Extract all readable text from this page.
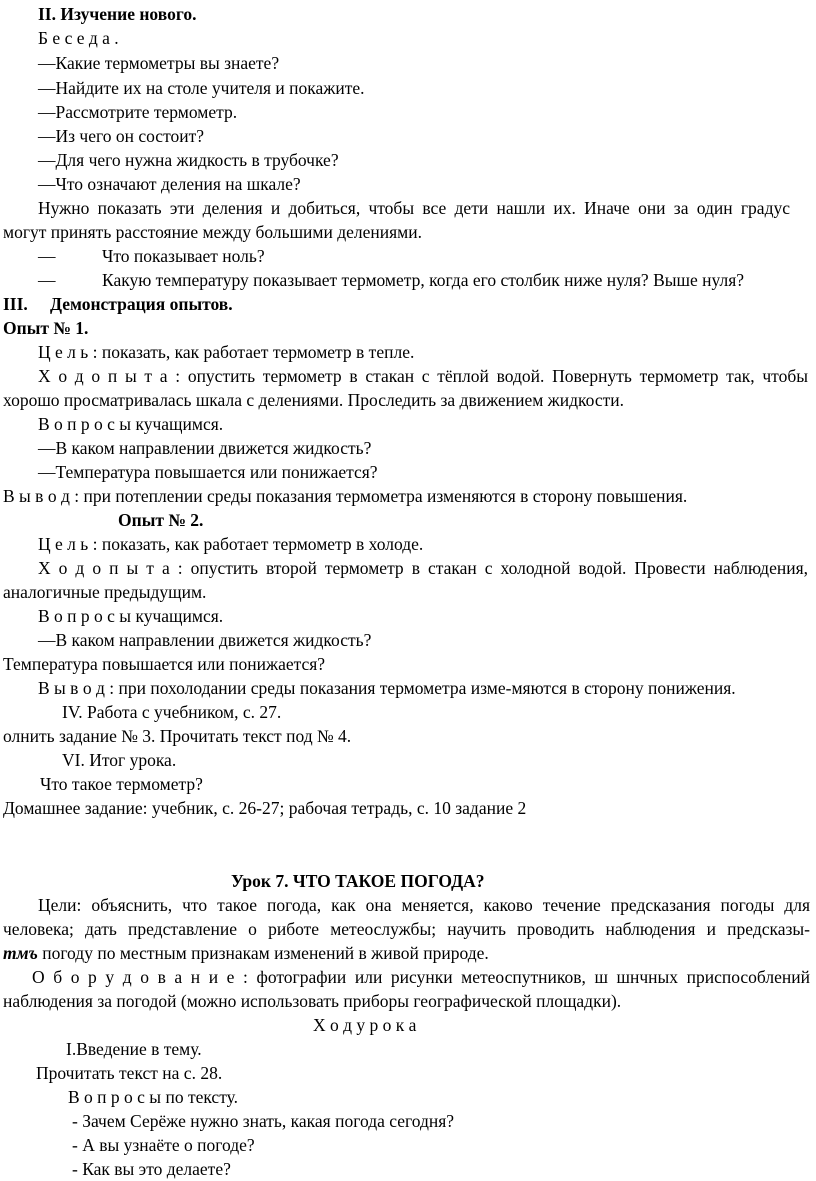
II. Изучение нового.
Б е с е д а .
—Какие термометры вы знаете?
—Найдите их на столе учителя и покажите.
—Рассмотрите термометр.
—Из чего он состоит?
—Для чего нужна жидкость в трубочке?
—Что означают деления на шкале?
Нужно показать эти деления и добиться, чтобы все дети нашли их. Иначе они за один градус
могут принять расстояние между большими делениями.
—	Что показывает ноль?
—	Какую температуру показывает термометр, когда его столбик ниже нуля? Выше нуля?
III. Демонстрация опытов.
Опыт № 1.
Ц е л ь : показать, как работает термометр в тепле.
Х о д о п ы т а : опустить термометр в стакан с тёплой водой. Повернуть термометр так, чтобы
хорошо просматривалась шкала с делениями. Проследить за движением жидкости.
В о п р о с ы кучащимся.
—В каком направлении движется жидкость?
—Температура повышается или понижается?
В ы в о д : при потеплении среды показания термометра изменяются в сторону повышения.
Опыт № 2.
Ц е л ь : показать, как работает термометр в холоде.
Х о д о п ы т а : опустить второй термометр в стакан с холодной водой. Провести наблюдения,
аналогичные предыдущим.
В о п р о с ы кучащимся.
—В каком направлении движется жидкость?
Температура повышается или понижается?
В ы в о д : при похолодании среды показания термометра изме-мяются в сторону понижения.
IV. Работа с учебником, с. 27.
олнить задание № 3. Прочитать текст под № 4.
VI. Итог урока.
Что такое термометр?
Домашнее задание: учебник, с. 26-27; рабочая тетрадь, с. 10 задание 2
Урок 7. ЧТО ТАКОЕ ПОГОДА?
Цели: объяснить, что такое погода, как она меняется, каково течение предсказания погоды для
человека; дать представление о риботе метеослужбы; научить проводить наблюдения и предсказы-
тмъ погоду по местным признакам изменений в живой природе.
О б о р у д о в а н и е : фотографии или рисунки метеоспутников, ш шнчных приспособлений
наблюдения за погодой (можно использовать приборы географической площадки).
Х о д у р о к а
I.Введение в тему.
Прочитать текст на с. 28.
В о п р о с ы по тексту.
- Зачем Серёже нужно знать, какая погода сегодня?
- А вы узнаёте о погоде?
- Как вы это делаете?
